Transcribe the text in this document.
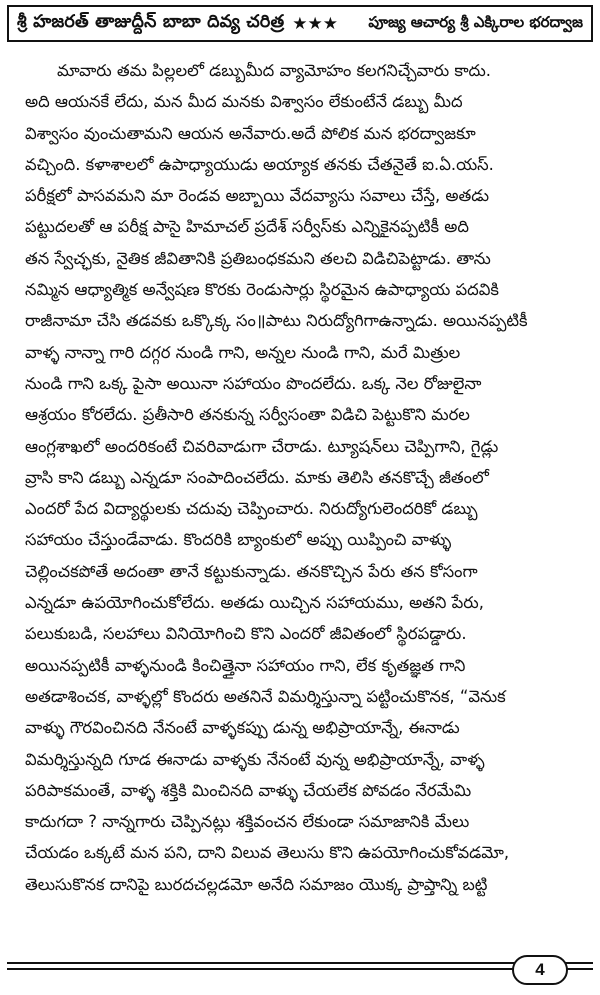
శ్రీ హజరత్ తాజుద్దీన్ బాబా దివ్య చరిత్ర ★★★ పూజ్య ఆచార్య శ్రీ ఎక్కిరాల భరద్వాజ
మావారు తమ పిల్లలలో డబ్బుమీద వ్యామోహం కలగనిచ్చేవారు కాదు.
అది ఆయనకే లేదు, మన మీద మనకు విశ్వాసం లేకుంటేనే డబ్బు మీద
విశ్వాసం వుంచుతామని ఆయన అనేవారు.అదే పోలిక మన భరద్వాజకూ
వచ్చింది. కళాశాలలో ఉపాధ్యాయుడు అయ్యాక తనకు చేతనైతే ఐ.ఏ.యస్.
పరీక్షలో పాసవమని మా రెండవ అబ్బాయి వేదవ్యాసు సవాలు చేస్తే, అతడు
పట్టుదలతో ఆ పరీక్ష పాసై హిమాచల్ ప్రదేశ్ సర్వీస్‌కు ఎన్నికైనప్పటికీ అది
తన స్వేచ్ఛకు, నైతిక జీవితానికి ప్రతిబంధకమని తలచి విడిచిపెట్టాడు. తాను
నమ్మిన ఆధ్యాత్మిక అన్వేషణ కొరకు రెండుసార్లు స్థిరమైన ఉపాధ్యాయ పదవికి
రాజీనామా చేసి తడవకు ఒక్కొక్క సం॥పాటు నిరుద్యోగిగాఉన్నాడు. అయినప్పటికీ
వాళ్ళ నాన్నా గారి దగ్గర నుండి గాని, అన్నల నుండి గాని, మరే మిత్రుల
నుండి గాని ఒక్క పైసా అయినా సహాయం పొందలేదు. ఒక్క నెల రోజులైనా
ఆశ్రయం కోరలేదు. ప్రతీసారి తనకున్న సర్వీసంతా విడిచి పెట్టుకొని మరల
ఆంగ్లశాఖలో అందరికంటే చివరివాడుగా చేరాడు. ట్యూషన్‌లు చెప్పిగాని, గైడ్లు
వ్రాసి కాని డబ్బు ఎన్నడూ సంపాదించలేదు. మాకు తెలిసి తనకొచ్చే జీతంలో
ఎందరో పేద విద్యార్థులకు చదువు చెప్పించారు. నిరుద్యోగులెందరికో డబ్బు
సహాయం చేస్తుండేవాడు. కొందరికి బ్యాంకులో అప్పు యిప్పించి వాళ్ళు
చెల్లించకపోతే అదంతా తానే కట్టుకున్నాడు. తనకొచ్చిన పేరు తన కోసంగా
ఎన్నడూ ఉపయోగించుకోలేదు. అతడు యిచ్చిన సహాయము, అతని పేరు,
పలుకుబడి, సలహాలు వినియోగించి కొని ఎందరో జీవితంలో స్థిరపడ్డారు.
అయినప్పటికీ వాళ్ళనుండి కించిత్తైనా సహాయం గాని, లేక కృతజ్ఞత గాని
అతడాశించక, వాళ్ళల్లో కొందరు అతనినే విమర్శిస్తున్నా పట్టించుకొనక, “వెనుక
వాళ్ళు గౌరవించినది నేనంటే వాళ్ళకప్పు డున్న అభిప్రాయాన్నే, ఈనాడు
విమర్శిస్తున్నది గూడ ఈనాడు వాళ్ళకు నేనంటే వున్న అభిప్రాయాన్నే, వాళ్ళ
పరిపాకమంతే, వాళ్ళ శక్తికి మించినది వాళ్ళు చేయలేక పోవడం నేరమేమి
కాదుగదా ? నాన్నగారు చెప్పినట్లు శక్తివంచన లేకుండా సమాజానికి మేలు
చేయడం ఒక్కటే మన పని, దాని విలువ తెలుసు కొని ఉపయోగించుకోవడమో,
తెలుసుకొనక దానిపై బురదచల్లడమో అనేది సమాజం యొక్క ప్రాప్తాన్ని బట్టి
4
